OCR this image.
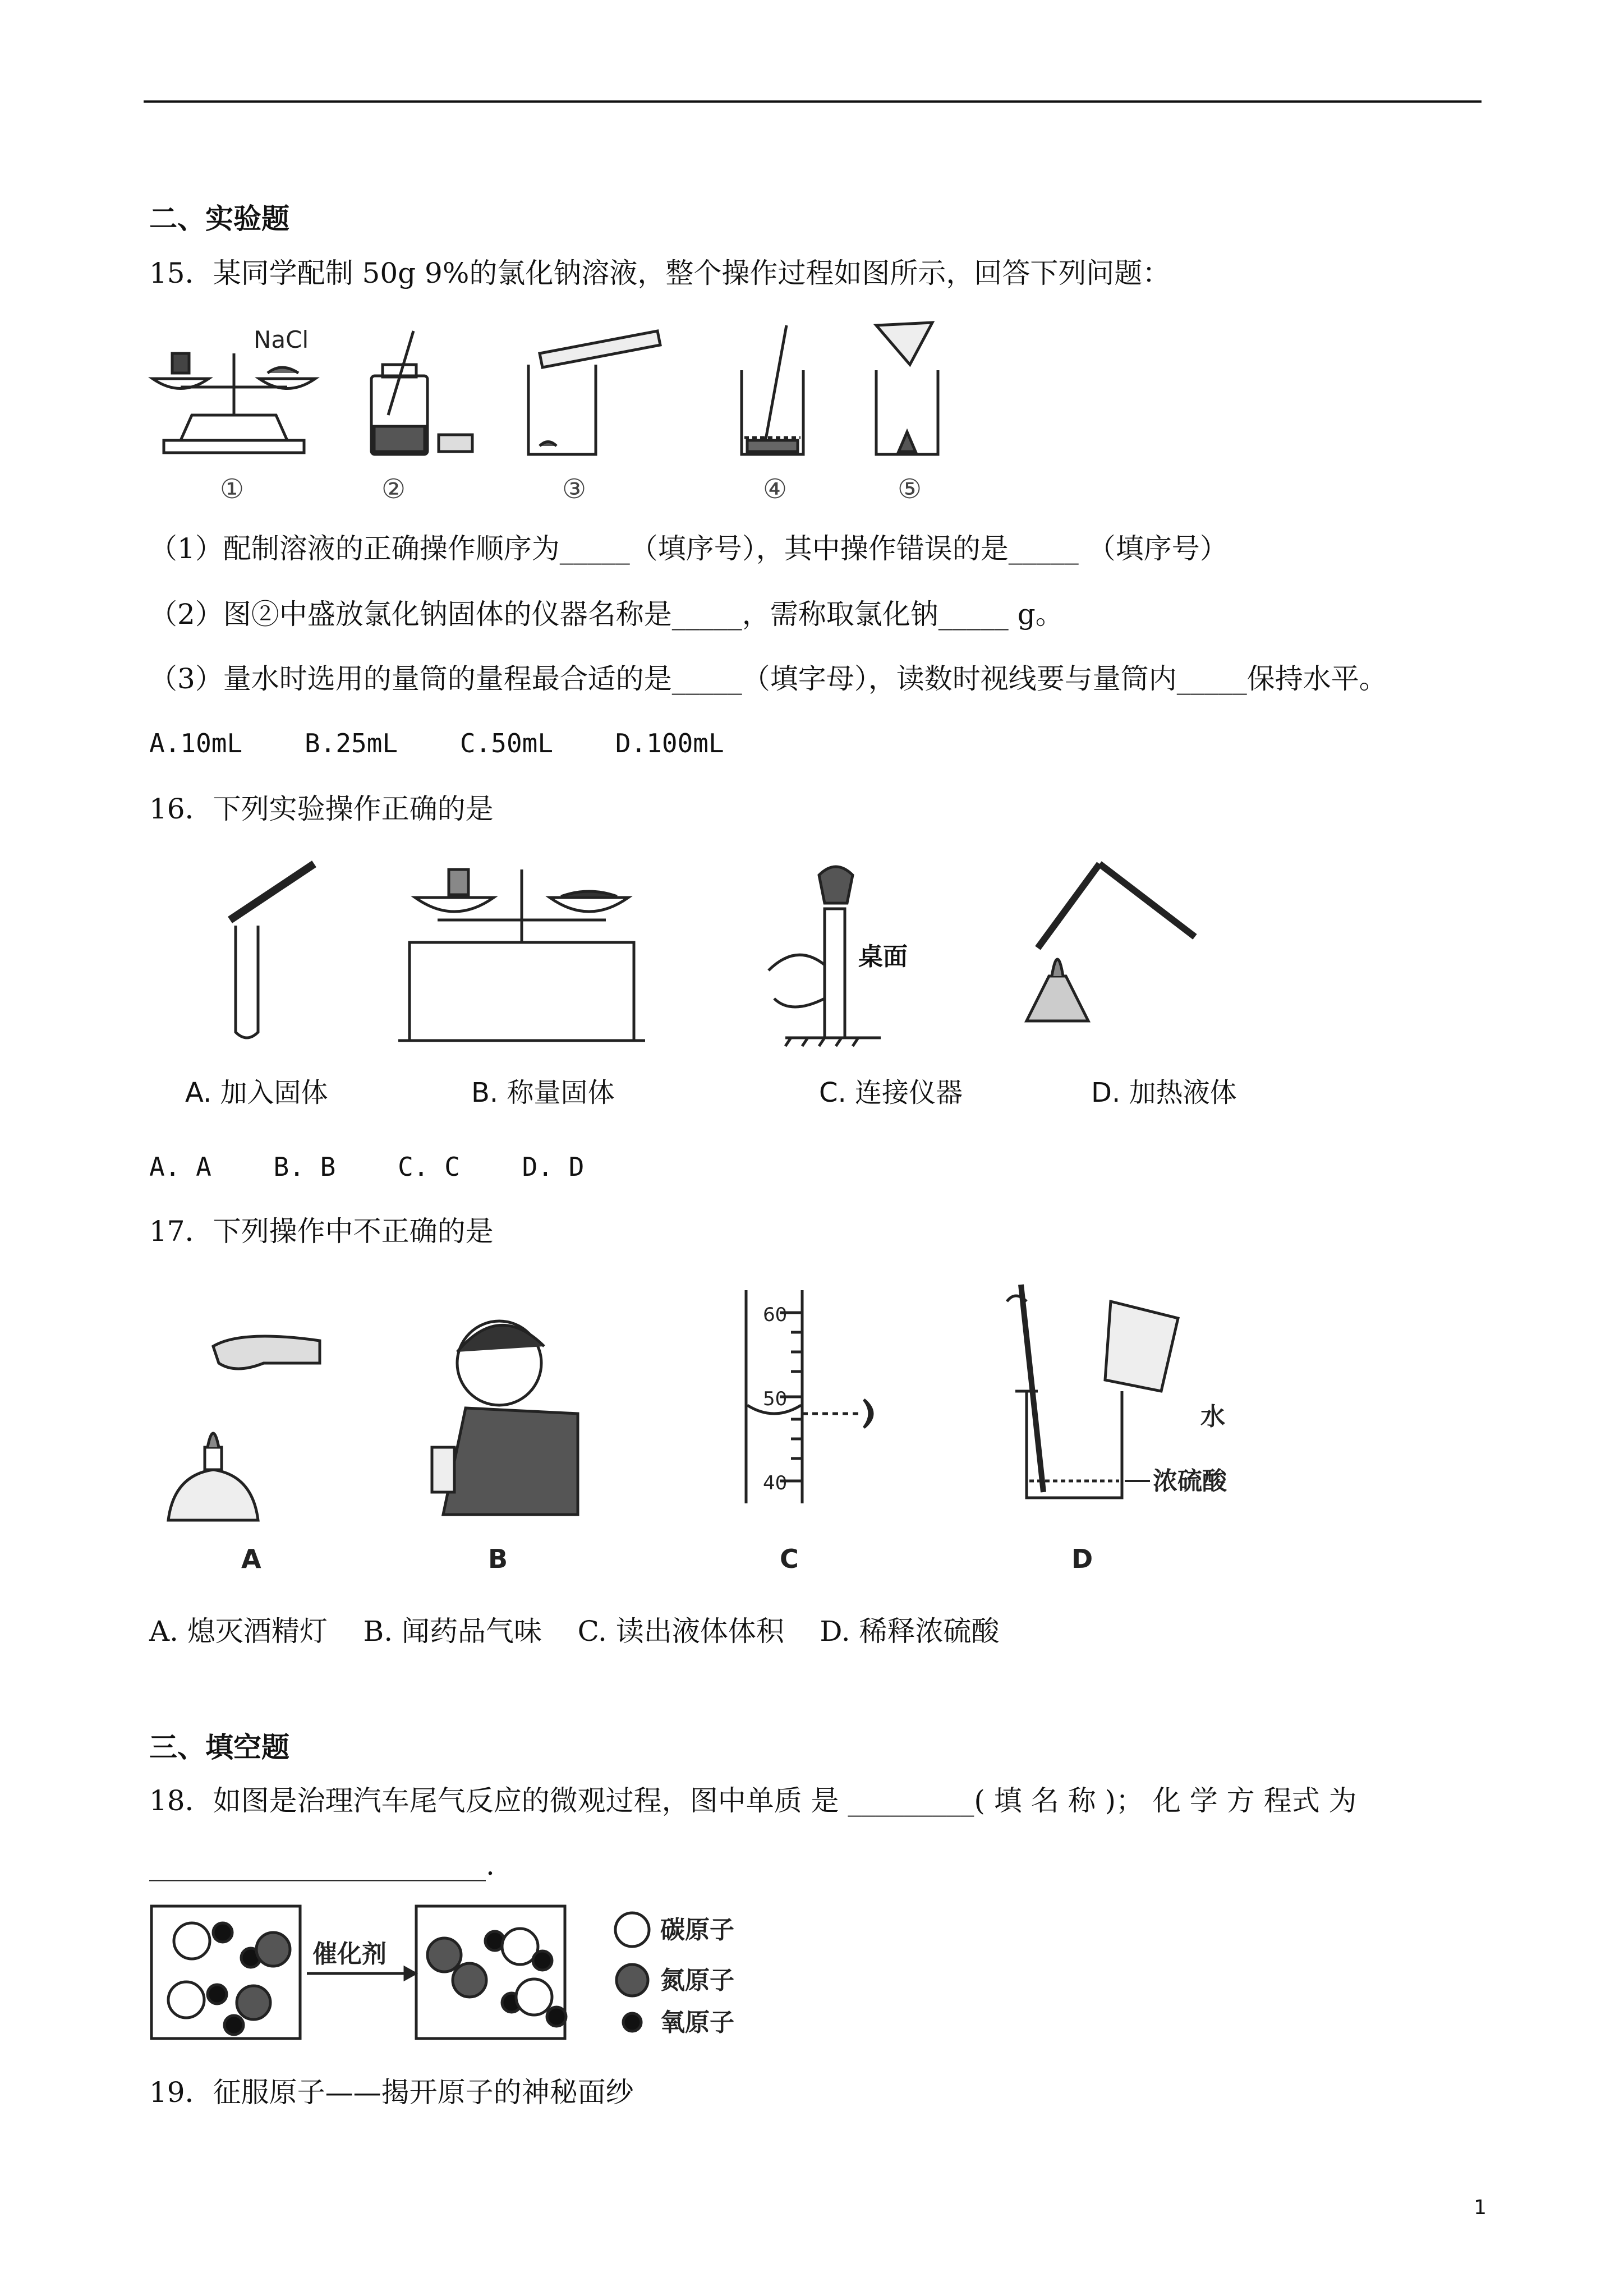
二、实验题
15．某同学配制 50g 9%的氯化钠溶液，整个操作过程如图所示，回答下列问题：
NaCl
①	②	③	④	⑤
（1）配制溶液的正确操作顺序为_____（填序号），其中操作错误的是_____ （填序号）
（2）图②中盛放氯化钠固体的仪器名称是_____，需称取氯化钠_____ g。
（3）量水时选用的量筒的量程最合适的是_____（填字母），读数时视线要与量筒内_____保持水平。
A.10mL    B.25mL    C.50mL    D.100mL
16．下列实验操作正确的是
桌面
A. 加入固体	B. 称量固体	C. 连接仪器	D. 加热液体
A. A    B. B    C. C    D. D
17．下列操作中不正确的是
A	B
60
50
40
C
水
浓硫酸
D
A. 熄灭酒精灯    B. 闻药品气味    C. 读出液体体积    D. 稀释浓硫酸
三、填空题
18．如图是治理汽车尾气反应的微观过程，图中单质 是 _________( 填 名 称 )； 化 学 方 程式 为
________________________.
催化剂
碳原子
氮原子
氧原子
19．征服原子——揭开原子的神秘面纱
1
